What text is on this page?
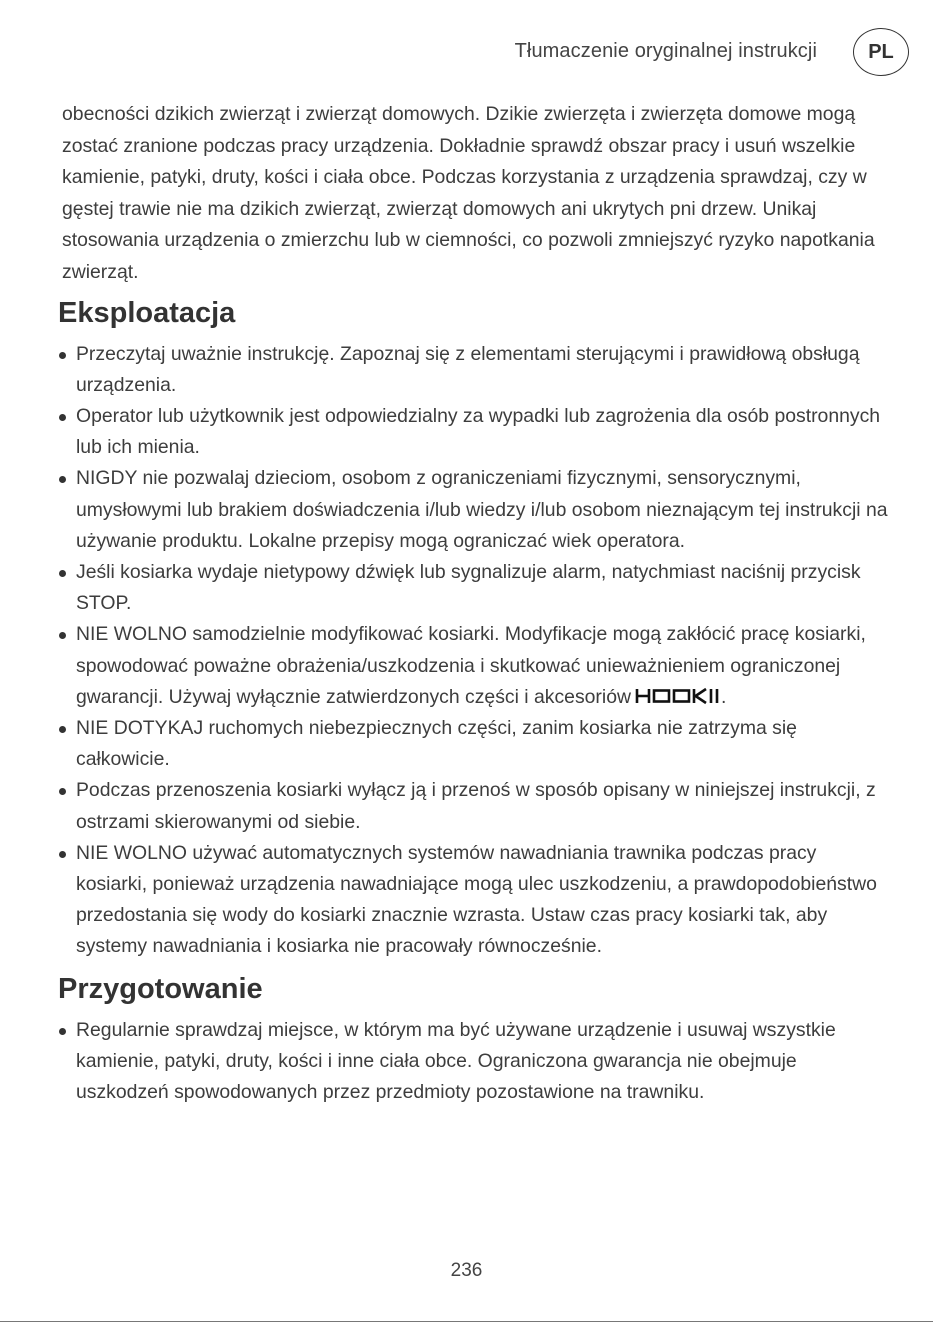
Tłumaczenie oryginalnej instrukcji	PL

obecności dzikich zwierząt i zwierząt domowych. Dzikie zwierzęta i zwierzęta domowe mogą zostać zranione podczas pracy urządzenia. Dokładnie sprawdź obszar pracy i usuń wszelkie kamienie, patyki, druty, kości i ciała obce. Podczas korzystania z urządzenia sprawdzaj, czy w gęstej trawie nie ma dzikich zwierząt, zwierząt domowych ani ukrytych pni drzew. Unikaj stosowania urządzenia o zmierzchu lub w ciemności, co pozwoli zmniejszyć ryzyko napotkania zwierząt.

Eksploatacja
Przeczytaj uważnie instrukcję. Zapoznaj się z elementami sterującymi i prawidłową obsługą urządzenia.
Operator lub użytkownik jest odpowiedzialny za wypadki lub zagrożenia dla osób postronnych lub ich mienia.
NIGDY nie pozwalaj dzieciom, osobom z ograniczeniami fizycznymi, sensorycznymi, umysłowymi lub brakiem doświadczenia i/lub wiedzy i/lub osobom nieznającym tej instrukcji na używanie produktu. Lokalne przepisy mogą ograniczać wiek operatora.
Jeśli kosiarka wydaje nietypowy dźwięk lub sygnalizuje alarm, natychmiast naciśnij przycisk STOP.
NIE WOLNO samodzielnie modyfikować kosiarki. Modyfikacje mogą zakłócić pracę kosiarki, spowodować poważne obrażenia/uszkodzenia i skutkować unieważnieniem ograniczonej gwarancji. Używaj wyłącznie zatwierdzonych części i akcesoriów	.
NIE DOTYKAJ ruchomych niebezpiecznych części, zanim kosiarka nie zatrzyma się całkowicie.
Podczas przenoszenia kosiarki wyłącz ją i przenoś w sposób opisany w niniejszej instrukcji, z ostrzami skierowanymi od siebie.
NIE WOLNO używać automatycznych systemów nawadniania trawnika podczas pracy kosiarki, ponieważ urządzenia nawadniające mogą ulec uszkodzeniu, a prawdopodobieństwo przedostania się wody do kosiarki znacznie wzrasta. Ustaw czas pracy kosiarki tak, aby systemy nawadniania i kosiarka nie pracowały równocześnie.
Przygotowanie
Regularnie sprawdzaj miejsce, w którym ma być używane urządzenie i usuwaj wszystkie kamienie, patyki, druty, kości i inne ciała obce. Ograniczona gwarancja nie obejmuje uszkodzeń spowodowanych przez przedmioty pozostawione na trawniku.
236
